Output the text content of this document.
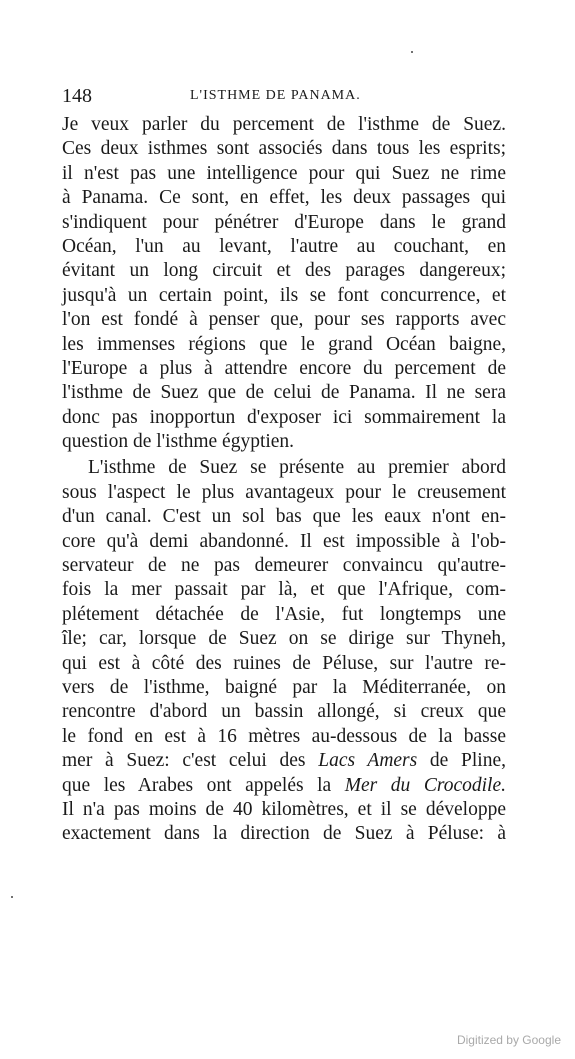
148	L'ISTHME DE PANAMA.
Je veux parler du percement de l'isthme de Suez.
Ces deux isthmes sont associés dans tous les esprits;
il n'est pas une intelligence pour qui Suez ne rime
à Panama. Ce sont, en effet, les deux passages qui
s'indiquent pour pénétrer d'Europe dans le grand
Océan, l'un au levant, l'autre au couchant, en
évitant un long circuit et des parages dangereux;
jusqu'à un certain point, ils se font concurrence, et
l'on est fondé à penser que, pour ses rapports avec
les immenses régions que le grand Océan baigne,
l'Europe a plus à attendre encore du percement de
l'isthme de Suez que de celui de Panama. Il ne sera
donc pas inopportun d'exposer ici sommairement la
question de l'isthme égyptien.
L'isthme de Suez se présente au premier abord
sous l'aspect le plus avantageux pour le creusement
d'un canal. C'est un sol bas que les eaux n'ont en-
core qu'à demi abandonné. Il est impossible à l'ob-
servateur de ne pas demeurer convaincu qu'autre-
fois la mer passait par là, et que l'Afrique, com-
plétement détachée de l'Asie, fut longtemps une
île; car, lorsque de Suez on se dirige sur Thyneh,
qui est à côté des ruines de Péluse, sur l'autre re-
vers de l'isthme, baigné par la Méditerranée, on
rencontre d'abord un bassin allongé, si creux que
le fond en est à 16 mètres au-dessous de la basse
mer à Suez: c'est celui des Lacs Amers de Pline,
que les Arabes ont appelés la Mer du Crocodile.
Il n'a pas moins de 40 kilomètres, et il se développe
exactement dans la direction de Suez à Péluse: à
Digitized by Google
